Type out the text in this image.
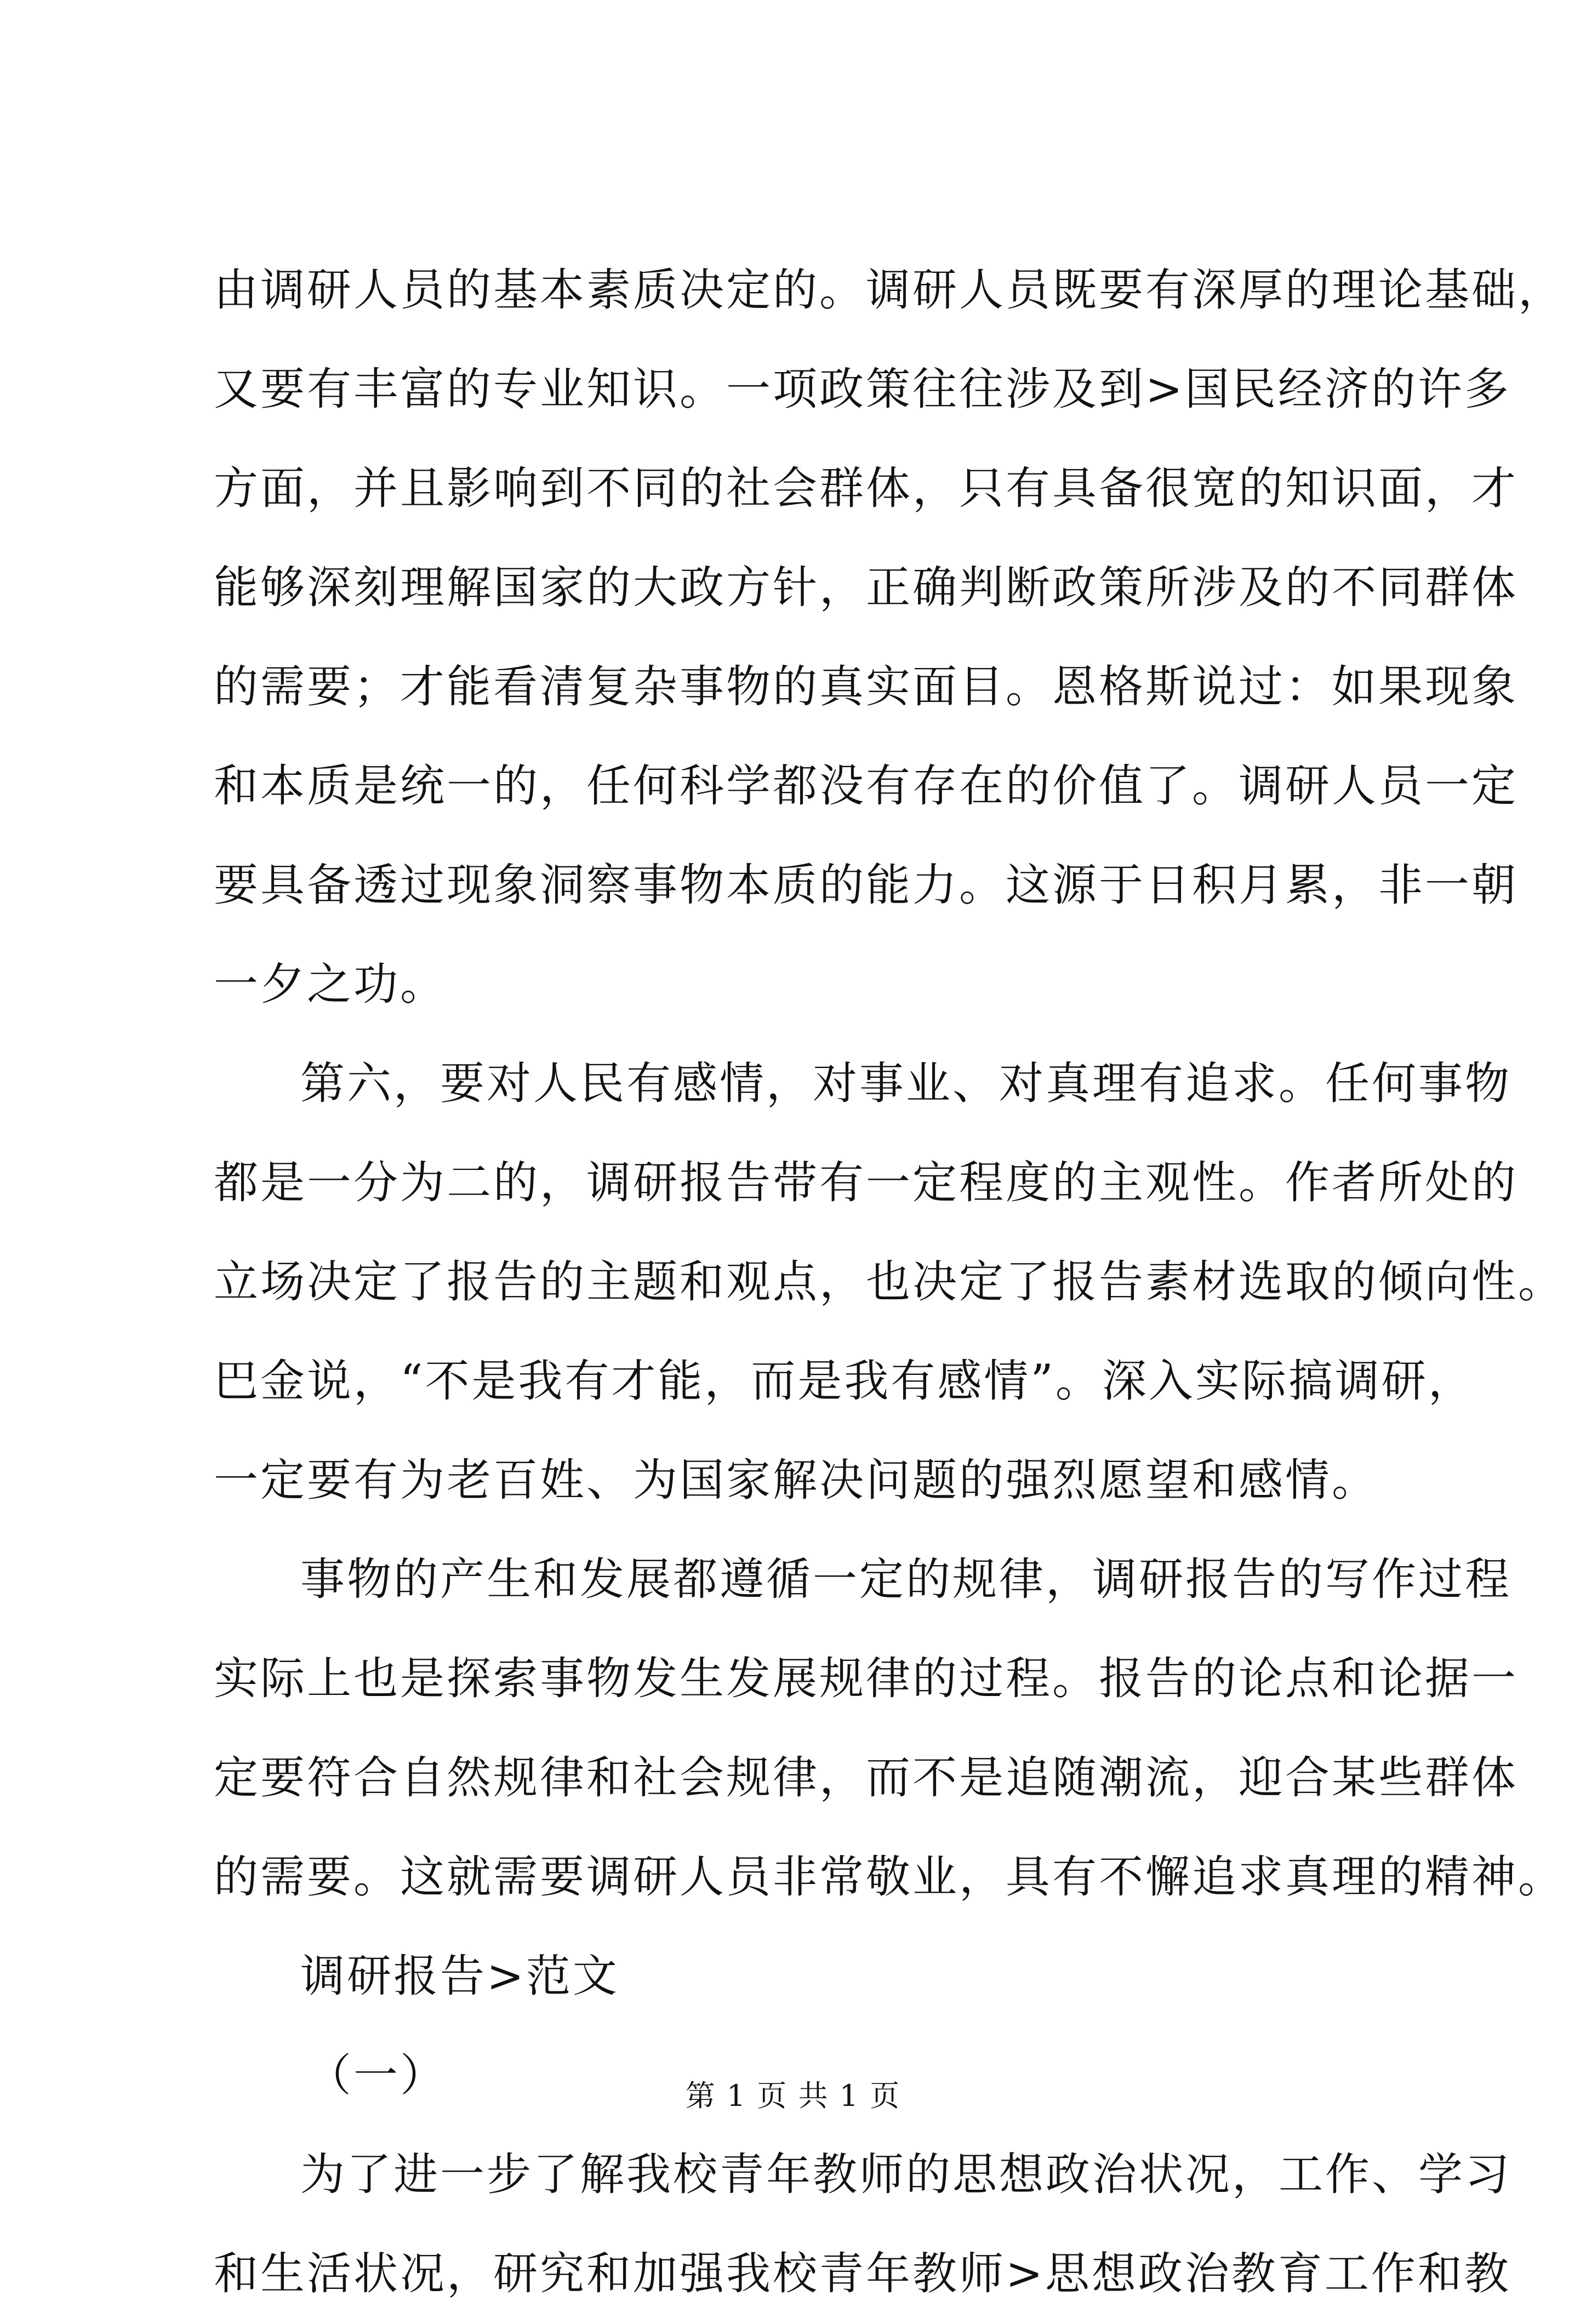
由调研人员的基本素质决定的。调研人员既要有深厚的理论基础，
又要有丰富的专业知识。一项政策往往涉及到>国民经济的许多
方面，并且影响到不同的社会群体，只有具备很宽的知识面，才
能够深刻理解国家的大政方针，正确判断政策所涉及的不同群体
的需要；才能看清复杂事物的真实面目。恩格斯说过：如果现象
和本质是统一的，任何科学都没有存在的价值了。调研人员一定
要具备透过现象洞察事物本质的能力。这源于日积月累，非一朝
一夕之功。
第六，要对人民有感情，对事业、对真理有追求。任何事物
都是一分为二的，调研报告带有一定程度的主观性。作者所处的
立场决定了报告的主题和观点，也决定了报告素材选取的倾向性。
巴金说，“不是我有才能，而是我有感情”。深入实际搞调研，
一定要有为老百姓、为国家解决问题的强烈愿望和感情。
事物的产生和发展都遵循一定的规律，调研报告的写作过程
实际上也是探索事物发生发展规律的过程。报告的论点和论据一
定要符合自然规律和社会规律，而不是追随潮流，迎合某些群体
的需要。这就需要调研人员非常敬业，具有不懈追求真理的精神。
调研报告>范文
（一）
为了进一步了解我校青年教师的思想政治状况，工作、学习
和生活状况，研究和加强我校青年教师>思想政治教育工作和教
第 1 页 共 1 页
